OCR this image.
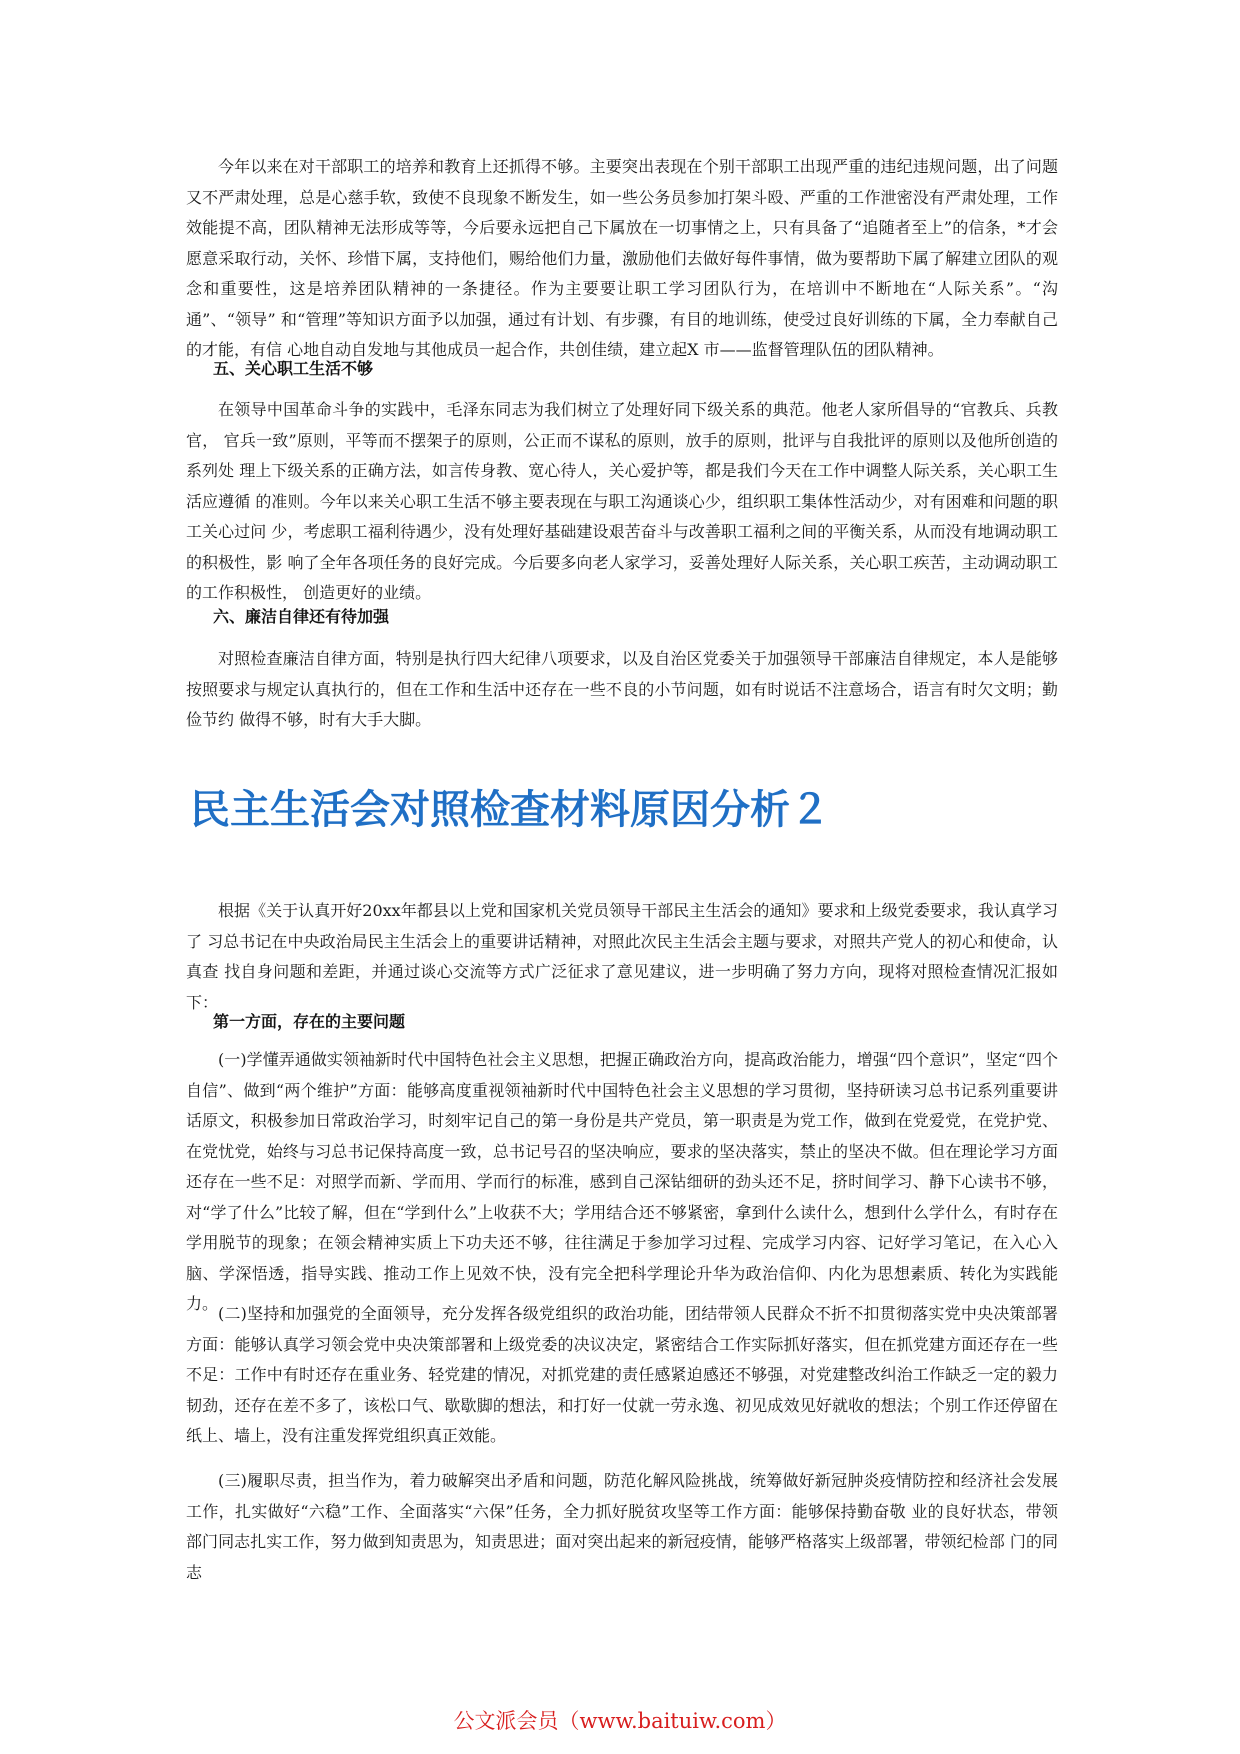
今年以来在对干部职工的培养和教育上还抓得不够。主要突出表现在个别干部职工出现严重的违纪违规问题，出了问题又不严肃处理，总是心慈手软，致使不良现象不断发生，如一些公务员参加打架斗殴、严重的工作泄密没有严肃处理，工作效能提不高，团队精神无法形成等等，今后要永远把自己下属放在一切事情之上，只有具备了“追随者至上”的信条，*才会愿意采取行动，关怀、珍惜下属，支持他们，赐给他们力量，激励他们去做好每件事情，做为要帮助下属了解建立团队的观念和重要性，这是培养团队精神的一条捷径。作为主要要让职工学习团队行为，在培训中不断地在“人际关系”。“沟通”、“领导” 和“管理”等知识方面予以加强，通过有计划、有步骤，有目的地训练，使受过良好训练的下属，全力奉献自己的才能，有信 心地自动自发地与其他成员一起合作，共创佳绩，建立起X 市——监督管理队伍的团队精神。

五、关心职工生活不够

在领导中国革命斗争的实践中，毛泽东同志为我们树立了处理好同下级关系的典范。他老人家所倡导的“官教兵、兵教官， 官兵一致”原则，平等而不摆架子的原则，公正而不谋私的原则，放手的原则，批评与自我批评的原则以及他所创造的系列处 理上下级关系的正确方法，如言传身教、宽心待人，关心爱护等，都是我们今天在工作中调整人际关系，关心职工生活应遵循 的准则。今年以来关心职工生活不够主要表现在与职工沟通谈心少，组织职工集体性活动少，对有困难和问题的职工关心过问 少，考虑职工福利待遇少，没有处理好基础建设艰苦奋斗与改善职工福利之间的平衡关系，从而没有地调动职工的积极性，影 响了全年各项任务的良好完成。今后要多向老人家学习，妥善处理好人际关系，关心职工疾苦，主动调动职工的工作积极性， 创造更好的业绩。

六、廉洁自律还有待加强

对照检查廉洁自律方面，特别是执行四大纪律八项要求，以及自治区党委关于加强领导干部廉洁自律规定，本人是能够按照要求与规定认真执行的，但在工作和生活中还存在一些不良的小节问题，如有时说话不注意场合，语言有时欠文明；勤俭节约 做得不够，时有大手大脚。

民主生活会对照检查材料原因分析２

根据《关于认真开好20xx年都县以上党和国家机关党员领导干部民主生活会的通知》要求和上级党委要求，我认真学习了 习总书记在中央政治局民主生活会上的重要讲话精神，对照此次民主生活会主题与要求，对照共产党人的初心和使命，认真查 找自身问题和差距，并通过谈心交流等方式广泛征求了意见建议，进一步明确了努力方向，现将对照检查情况汇报如下：

第一方面，存在的主要问题

(一)学懂弄通做实领袖新时代中国特色社会主义思想，把握正确政治方向，提高政治能力，增强“四个意识”，坚定“四个自信”、做到“两个维护”方面：能够高度重视领袖新时代中国特色社会主义思想的学习贯彻，坚持研读习总书记系列重要讲话原文，积极参加日常政治学习，时刻牢记自己的第一身份是共产党员，第一职责是为党工作，做到在党爱党，在党护党、在党忧党，始终与习总书记保持高度一致，总书记号召的坚决响应，要求的坚决落实，禁止的坚决不做。但在理论学习方面还存在一些不足：对照学而新、学而用、学而行的标准，感到自己深钻细研的劲头还不足，挤时间学习、静下心读书不够，对“学了什么”比较了解，但在“学到什么”上收获不大；学用结合还不够紧密，拿到什么读什么，想到什么学什么，有时存在学用脱节的现象；在领会精神实质上下功夫还不够，往往满足于参加学习过程、完成学习内容、记好学习笔记，在入心入脑、学深悟透，指导实践、推动工作上见效不快，没有完全把科学理论升华为政治信仰、内化为思想素质、转化为实践能力。

(二)坚持和加强党的全面领导，充分发挥各级党组织的政治功能，团结带领人民群众不折不扣贯彻落实党中央决策部署方面：能够认真学习领会党中央决策部署和上级党委的决议决定，紧密结合工作实际抓好落实，但在抓党建方面还存在一些不足：工作中有时还存在重业务、轻党建的情况，对抓党建的责任感紧迫感还不够强，对党建整改纠治工作缺乏一定的毅力韧劲，还存在差不多了，该松口气、歇歇脚的想法，和打好一仗就一劳永逸、初见成效见好就收的想法；个别工作还停留在纸上、墙上，没有注重发挥党组织真正效能。

(三)履职尽责，担当作为，着力破解突出矛盾和问题，防范化解风险挑战，统筹做好新冠肿炎疫情防控和经济社会发展 工作，扎实做好“六稳”工作、全面落实“六保”任务，全力抓好脱贫攻坚等工作方面：能够保持勤奋敬 业的良好状态，带领 部门同志扎实工作，努力做到知责思为，知责思进；面对突出起来的新冠疫情，能够严格落实上级部署，带领纪检部 门的同志

公文派会员（www.baituiw.com）
